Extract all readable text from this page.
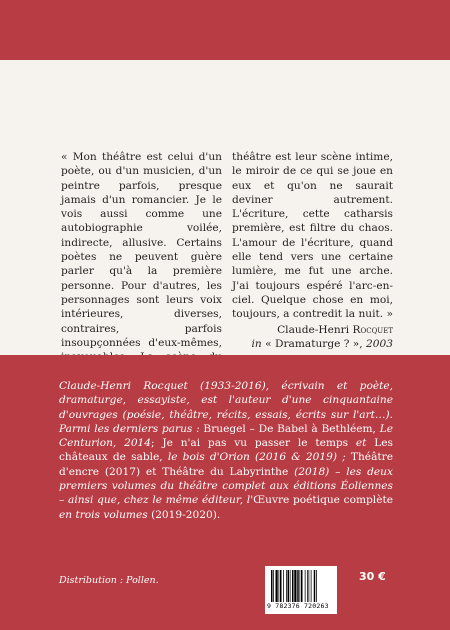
« Mon théâtre est celui d'un poète, ou d'un musicien, d'un peintre parfois, presque jamais d'un romancier. Je le vois aussi comme une autobiographie voilée, indirecte, allusive. Certains poètes ne peuvent guère parler qu'à la première personne. Pour d'autres, les personnages sont leurs voix intérieures, diverses, contraires, parfois insoupçonnées d'eux-mêmes, théâtre est leur scène intime, le miroir de ce qui se joue en eux et qu'on ne saurait deviner autrement. L'écriture, cette catharsis première, est filtre du chaos. L'amour de l'écriture, quand elle tend vers une certaine lumière, me fut une arche. J'ai toujours espéré l'arc-en-ciel. Quelque chose en moi, toujours, a contredit la nuit. »

Claude-Henri Rocquet
in « Dramaturge ? », 2003
Claude-Henri Rocquet (1933-2016), écrivain et poète, dramaturge, essayiste, est l'auteur d'une cinquantaine d'ouvrages (poésie, théâtre, récits, essais, écrits sur l'art…). Parmi les derniers parus : Bruegel – De Babel à Bethléem, Le Centurion, 2014; Je n'ai pas vu passer le temps et Les châteaux de sable, le bois d'Orion (2016 & 2019) ; Théâtre d'encre (2017) et Théâtre du Labyrinthe (2018) – les deux premiers volumes du théâtre complet aux éditions Éoliennes – ainsi que, chez le même éditeur, l'Œuvre poétique complète en trois volumes (2019-2020).
Distribution : Pollen.
9 782376 720263
30 €
